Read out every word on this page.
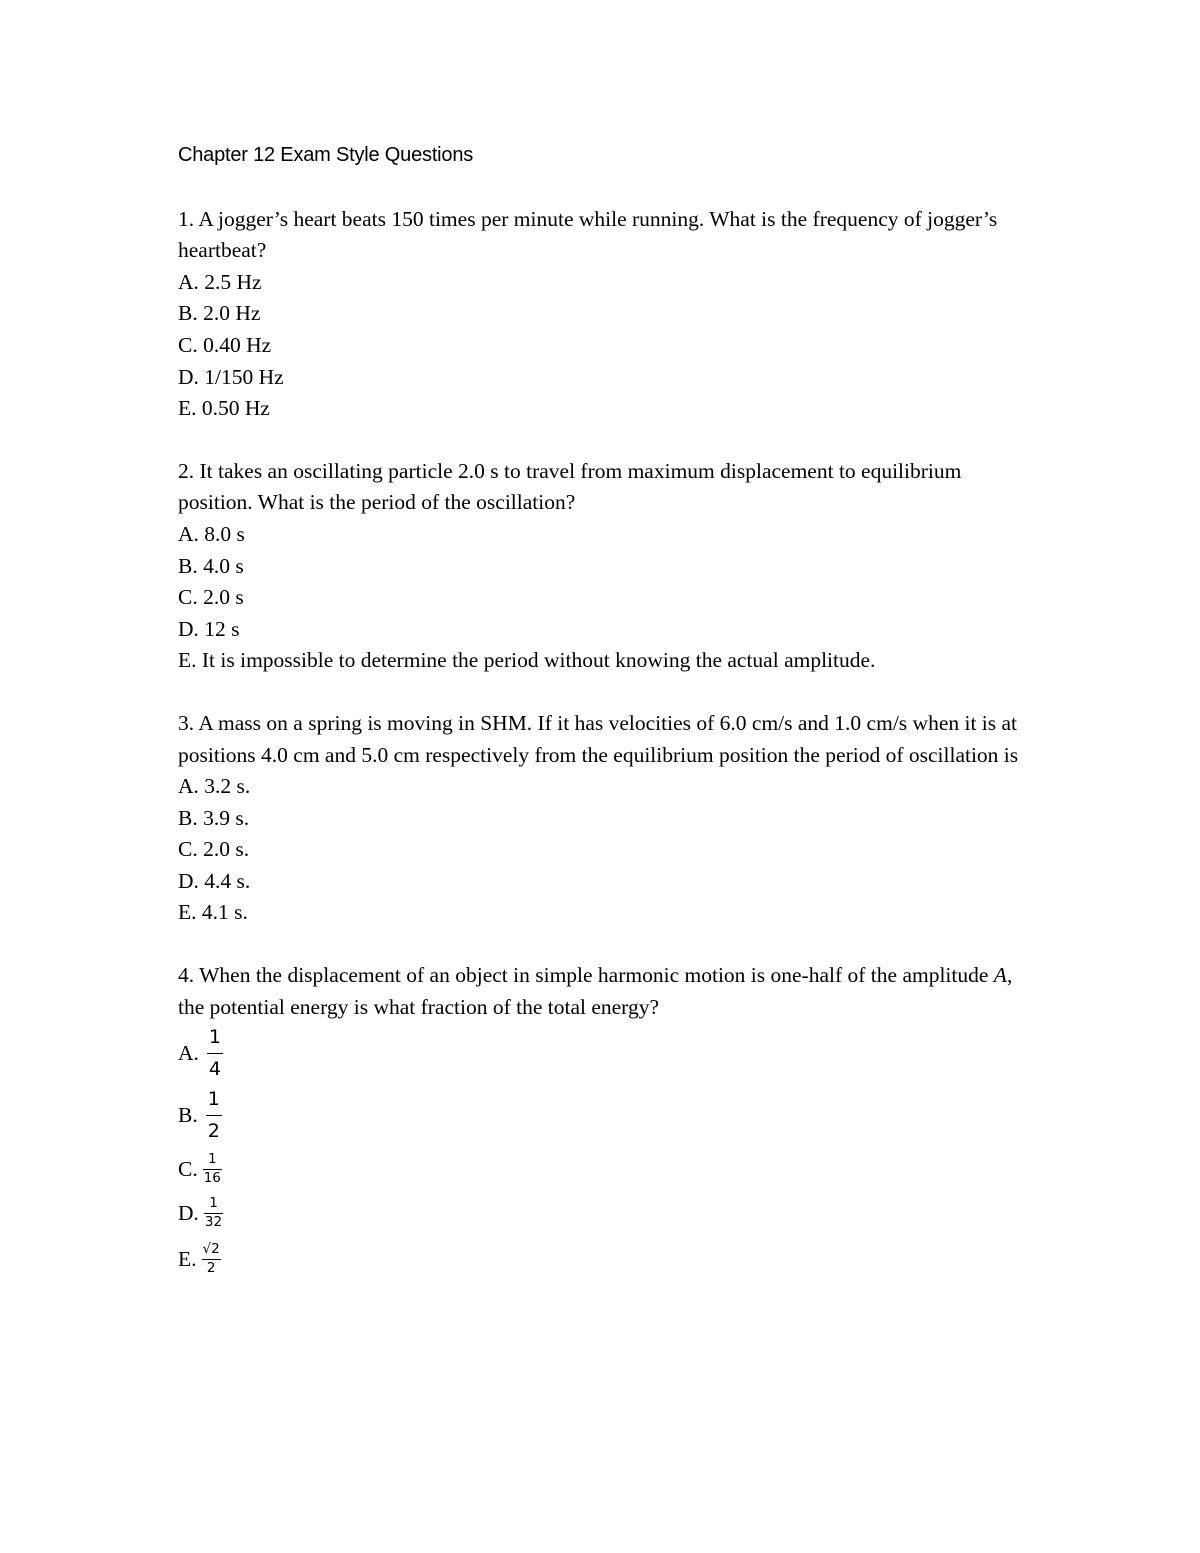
Chapter 12 Exam Style Questions

1. A jogger’s heart beats 150 times per minute while running. What is the frequency of jogger’s heartbeat?

A. 2.5 Hz

B. 2.0 Hz

C. 0.40 Hz

D. 1/150 Hz

E. 0.50 Hz

2. It takes an oscillating particle 2.0 s to travel from maximum displacement to equilibrium position. What is the period of the oscillation?

A. 8.0 s

B. 4.0 s

C. 2.0 s

D. 12 s

E. It is impossible to determine the period without knowing the actual amplitude.

3. A mass on a spring is moving in SHM. If it has velocities of 6.0 cm/s and 1.0 cm/s when it is at positions 4.0 cm and 5.0 cm respectively from the equilibrium position the period of oscillation is

A. 3.2 s.

B. 3.9 s.

C. 2.0 s.

D. 4.4 s.

E. 4.1 s.

4. When the displacement of an object in simple harmonic motion is one-half of the amplitude A, the potential energy is what fraction of the total energy?

A. $\frac{1}{4}$
B. $\frac{1}{2}$
C. $\frac{1}{16}$
D. $\frac{1}{32}$
E. $\frac{√2}{2}$
